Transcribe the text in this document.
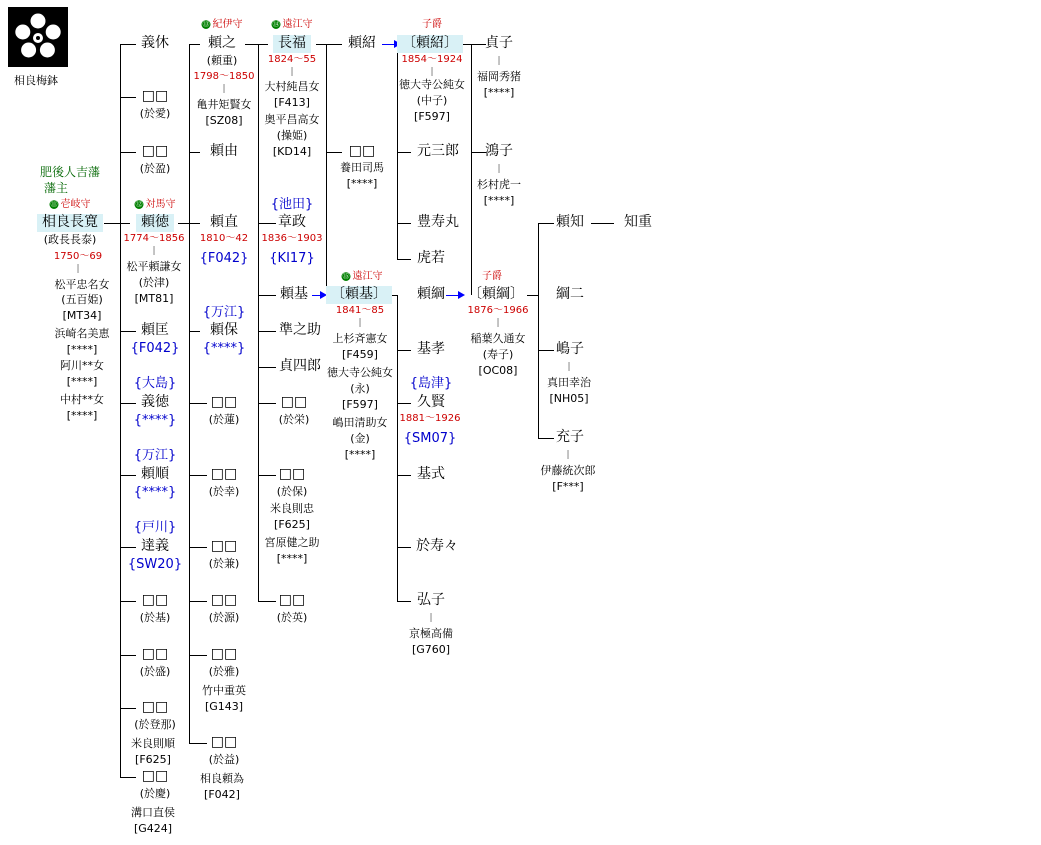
相良梅鉢
肥後人吉藩
藩主
⑪ 壱岐守
相良長寛
(政長長泰)
1750〜69
|
松平忠名女
(五百姫)
[MT34]
浜崎名美恵
[****]
阿川**女
[****]
中村**女
[****]
義休
□□
(於愛)
□□
(於盈)
⑫ 対馬守
頼徳
1774〜1856
|
松平頼謙女
(於津)
[MT81]
頼匡
{F042}
{大島}
義徳
{****}
{万江}
頼順
{****}
{戸川}
達義
{SW20}
□□
(於基)
□□
(於盛)
□□
(於登那)
米良則順
[F625]
□□
(於慶)
溝口直侯
[G424]
⑬ 紀伊守
頼之
(頼重)
1798〜1850
|
亀井矩賢女
[SZ08]
頼由
頼直
1810〜42
{F042}
{万江}
頼保
{****}
□□
(於蓮)
□□
(於幸)
□□
(於兼)
□□
(於源)
□□
(於雅)
竹中重英
[G143]
□□
(於益)
相良頼為
[F042]
⑭ 遠江守
長福
1824〜55
|
大村純昌女
[F413]
奥平昌高女
(操姫)
[KD14]
{池田}
章政
1836〜1903
{KI17}
頼基
準之助
貞四郎
□□
(於栄)
□□
(於保)
米良則忠
[F625]
宮原健之助
[****]
□□
(於英)
頼紹
□□
養田司馬
[****]
⑮ 遠江守
〔頼基〕
1841〜85
|
上杉斉憲女
[F459]
徳大寺公純女
(永)
[F597]
嶋田清助女
(金)
[****]
子爵
〔頼紹〕
1854〜1924
|
徳大寺公純女
(中子)
[F597]
元三郎
豊寿丸
虎若
頼綱
基孝
{島津}
久賢
1881〜1926
{SM07}
基式
於寿々
弘子
|
京極高備
[G760]
貞子
|
福岡秀猪
[****]
鴻子
|
杉村虎一
[****]
子爵
〔頼綱〕
1876〜1966
|
稲葉久通女
(寿子)
[OC08]
頼知	知重
綱二
嶋子
|
真田幸治
[NH05]
充子
|
伊藤統次郎
[F***]
